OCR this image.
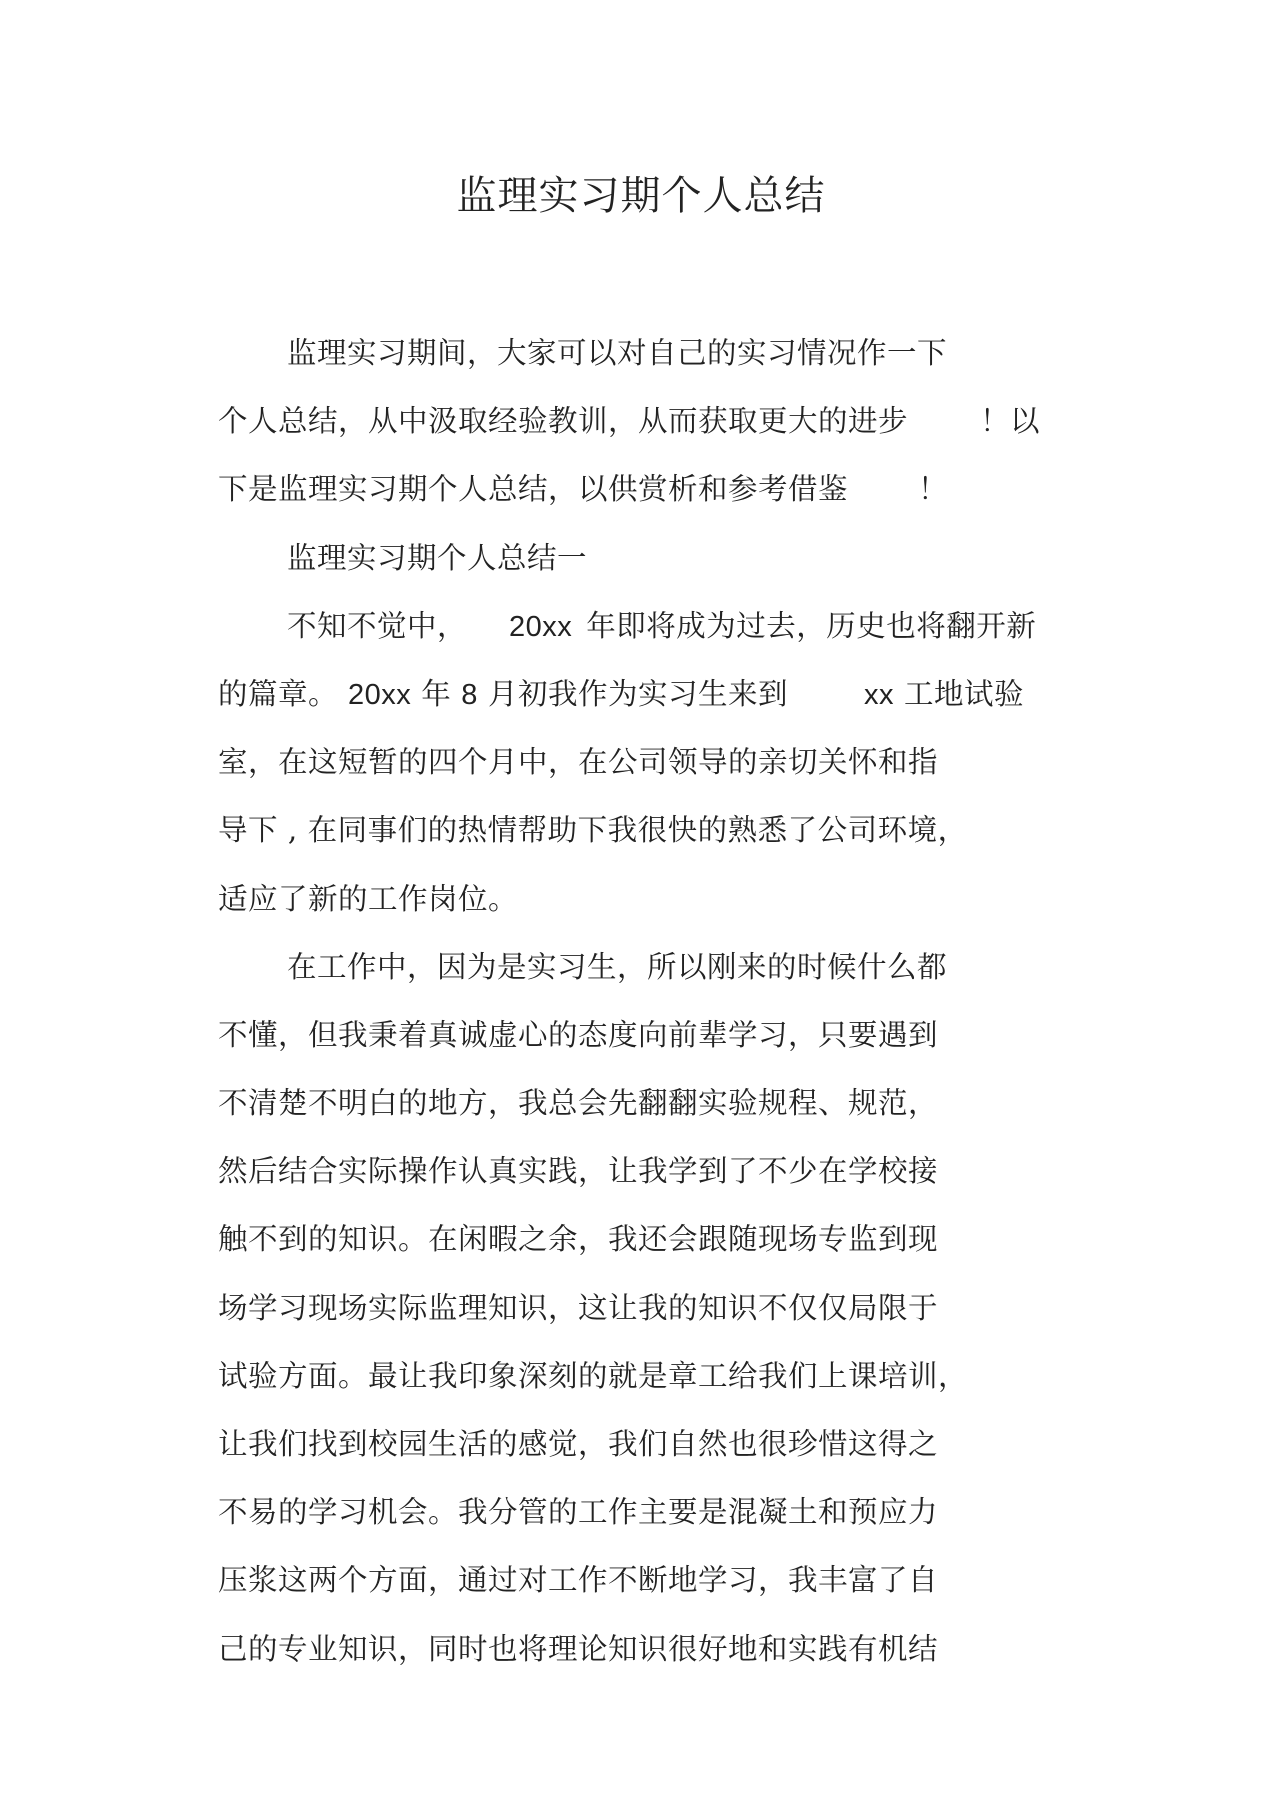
监理实习期个人总结
监理实习期间，大家可以对自己的实习情况作一下
个人总结，从中汲取经验教训，从而获取更大的进步 ！以
下是监理实习期个人总结，以供赏析和参考借鉴 ！
监理实习期个人总结一
不知不觉中， 20xx 年即将成为过去，历史也将翻开新
的篇章。 20xx 年 8 月初我作为实习生来到	xx 工地试验
室，在这短暂的四个月中，在公司领导的亲切关怀和指
导下 , 在同事们的热情帮助下我很快的熟悉了公司环境，
适应了新的工作岗位。
在工作中，因为是实习生，所以刚来的时候什么都
不懂，但我秉着真诚虚心的态度向前辈学习，只要遇到
不清楚不明白的地方，我总会先翻翻实验规程、规范，
然后结合实际操作认真实践，让我学到了不少在学校接
触不到的知识。在闲暇之余，我还会跟随现场专监到现
场学习现场实际监理知识，这让我的知识不仅仅局限于
试验方面。最让我印象深刻的就是章工给我们上课培训，
让我们找到校园生活的感觉，我们自然也很珍惜这得之
不易的学习机会。我分管的工作主要是混凝土和预应力
压浆这两个方面，通过对工作不断地学习，我丰富了自
己的专业知识，同时也将理论知识很好地和实践有机结
